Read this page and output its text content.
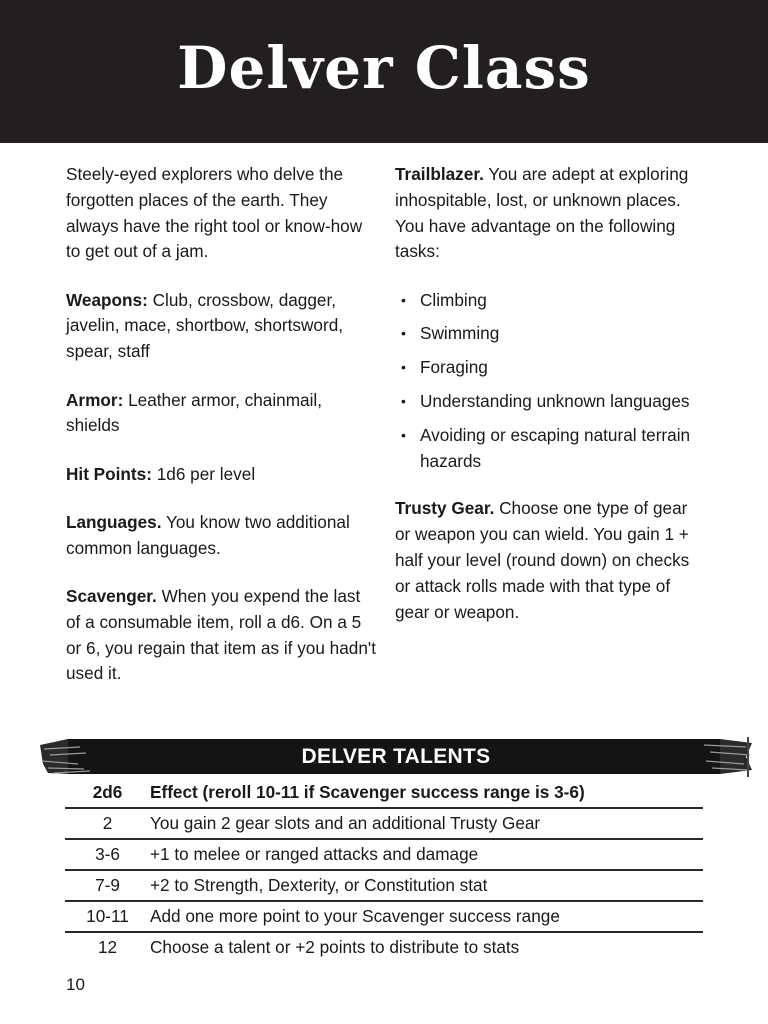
Delver Class

Steely-eyed explorers who delve the forgotten places of the earth. They always have the right tool or know-how to get out of a jam.

Weapons: Club, crossbow, dagger, javelin, mace, shortbow, shortsword, spear, staff

Armor: Leather armor, chainmail, shields

Hit Points: 1d6 per level

Languages. You know two additional common languages.

Scavenger. When you expend the last of a consumable item, roll a d6. On a 5 or 6, you regain that item as if you hadn't used it.

Trailblazer. You are adept at exploring inhospitable, lost, or unknown places. You have advantage on the following tasks:

• Climbing
• Swimming
• Foraging
• Understanding unknown languages
• Avoiding or escaping natural terrain hazards

Trusty Gear. Choose one type of gear or weapon you can wield. You gain 1 + half your level (round down) on checks or attack rolls made with that type of gear or weapon.

DELVER TALENTS
2d6	Effect (reroll 10-11 if Scavenger success range is 3-6)
2	You gain 2 gear slots and an additional Trusty Gear
3-6	+1 to melee or ranged attacks and damage
7-9	+2 to Strength, Dexterity, or Constitution stat
10-11	Add one more point to your Scavenger success range
12	Choose a talent or +2 points to distribute to stats
10
